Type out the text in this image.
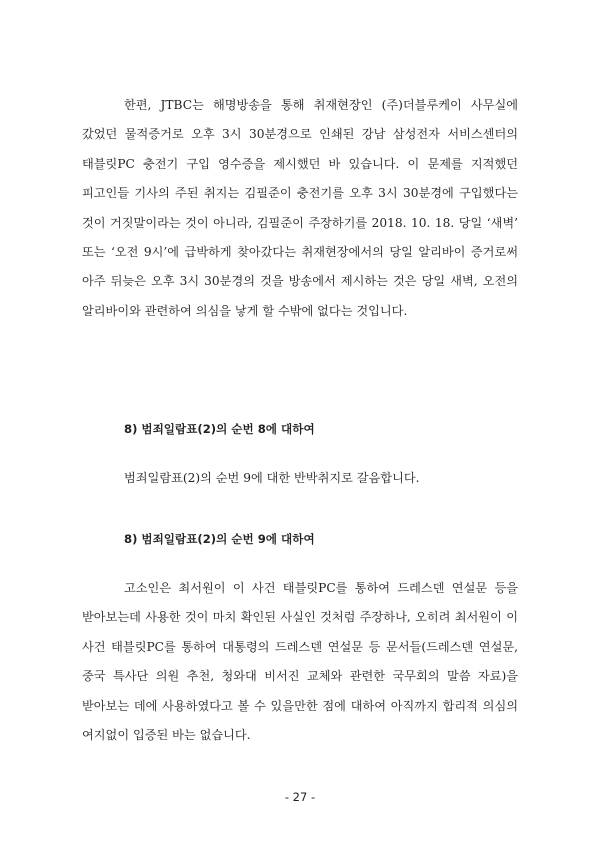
한편, JTBC는 해명방송을 통해 취재현장인 (주)더블루케이 사무실에 갔었던 물적증거로 오후 3시 30분경으로 인쇄된 강남 삼성전자 서비스센터의 태블릿PC 충전기 구입 영수증을 제시했던 바 있습니다. 이 문제를 지적했던 피고인들 기사의 주된 취지는 김필준이 충전기를 오후 3시 30분경에 구입했다는 것이 거짓말이라는 것이 아니라, 김필준이 주장하기를 2018. 10. 18. 당일 ‘새벽’ 또는 ‘오전 9시’에 급박하게 찾아갔다는 취재현장에서의 당일 알리바이 증거로써 아주 뒤늦은 오후 3시 30분경의 것을 방송에서 제시하는 것은 당일 새벽, 오전의 알리바이와 관련하여 의심을 낳게 할 수밖에 없다는 것입니다.

8) 범죄일람표(2)의 순번 8에 대하여

범죄일람표(2)의 순번 9에 대한 반박취지로 갈음합니다.

8) 범죄일람표(2)의 순번 9에 대하여

고소인은 최서원이 이 사건 태블릿PC를 통하여 드레스덴 연설문 등을 받아보는데 사용한 것이 마치 확인된 사실인 것처럼 주장하나, 오히려 최서원이 이 사건 태블릿PC를 통하여 대통령의 드레스덴 연설문 등 문서들(드레스덴 연설문, 중국 특사단 의원 추천, 청와대 비서진 교체와 관련한 국무회의 말씀 자료)을 받아보는 데에 사용하였다고 볼 수 있을만한 점에 대하여 아직까지 합리적 의심의 여지없이 입증된 바는 없습니다.

- 27 -
